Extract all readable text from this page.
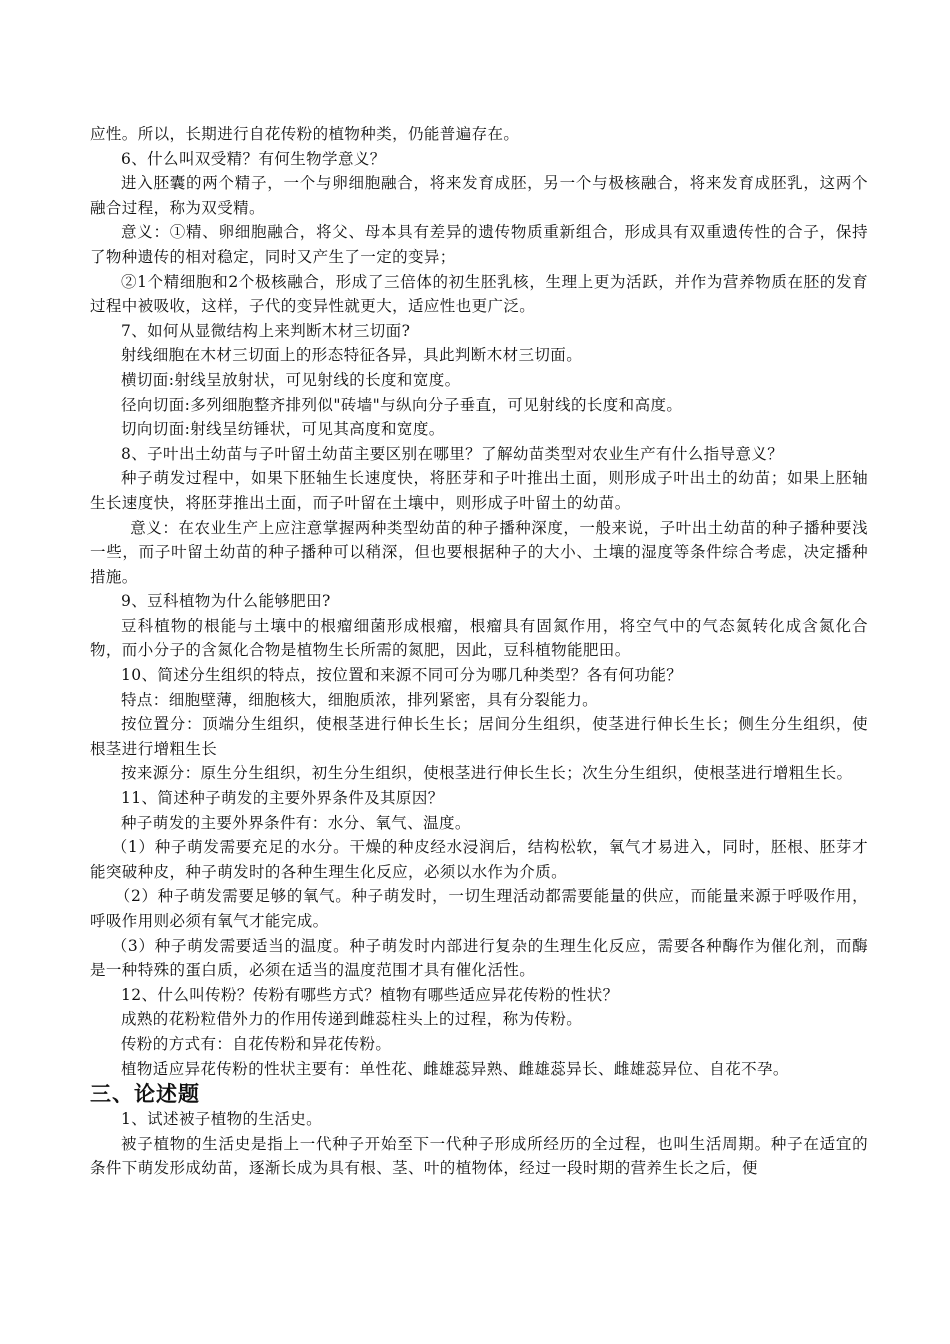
应性。所以，长期进行自花传粉的植物种类，仍能普遍存在。

6、什么叫双受精？有何生物学意义？

进入胚囊的两个精子，一个与卵细胞融合，将来发育成胚，另一个与极核融合，将来发育成胚乳，这两个融合过程，称为双受精。

意义：①精、卵细胞融合，将父、母本具有差异的遗传物质重新组合，形成具有双重遗传性的合子，保持了物种遗传的相对稳定，同时又产生了一定的变异；

②1个精细胞和2个极核融合，形成了三倍体的初生胚乳核，生理上更为活跃，并作为营养物质在胚的发育过程中被吸收，这样，子代的变异性就更大，适应性也更广泛。

7、如何从显微结构上来判断木材三切面?

射线细胞在木材三切面上的形态特征各异，具此判断木材三切面。

横切面:射线呈放射状，可见射线的长度和宽度。

径向切面:多列细胞整齐排列似"砖墙"与纵向分子垂直，可见射线的长度和高度。

切向切面:射线呈纺锤状，可见其高度和宽度。

8、子叶出土幼苗与子叶留土幼苗主要区别在哪里？了解幼苗类型对农业生产有什么指导意义？

种子萌发过程中，如果下胚轴生长速度快，将胚芽和子叶推出土面，则形成子叶出土的幼苗；如果上胚轴生长速度快，将胚芽推出土面，而子叶留在土壤中，则形成子叶留土的幼苗。

意义：在农业生产上应注意掌握两种类型幼苗的种子播种深度，一般来说，子叶出土幼苗的种子播种要浅一些，而子叶留土幼苗的种子播种可以稍深，但也要根据种子的大小、土壤的湿度等条件综合考虑，决定播种措施。

9、豆科植物为什么能够肥田?

豆科植物的根能与土壤中的根瘤细菌形成根瘤，根瘤具有固氮作用，将空气中的气态氮转化成含氮化合物，而小分子的含氮化合物是植物生长所需的氮肥，因此，豆科植物能肥田。

10、简述分生组织的特点，按位置和来源不同可分为哪几种类型？各有何功能？

特点：细胞壁薄，细胞核大，细胞质浓，排列紧密，具有分裂能力。

按位置分：顶端分生组织，使根茎进行伸长生长；居间分生组织，使茎进行伸长生长；侧生分生组织，使根茎进行增粗生长

按来源分：原生分生组织，初生分生组织，使根茎进行伸长生长；次生分生组织，使根茎进行增粗生长。

11、简述种子萌发的主要外界条件及其原因？

种子萌发的主要外界条件有：水分、氧气、温度。

（1）种子萌发需要充足的水分。干燥的种皮经水浸润后，结构松软，氧气才易进入，同时，胚根、胚芽才能突破种皮，种子萌发时的各种生理生化反应，必须以水作为介质。

（2）种子萌发需要足够的氧气。种子萌发时，一切生理活动都需要能量的供应，而能量来源于呼吸作用，呼吸作用则必须有氧气才能完成。

（3）种子萌发需要适当的温度。种子萌发时内部进行复杂的生理生化反应，需要各种酶作为催化剂，而酶是一种特殊的蛋白质，必须在适当的温度范围才具有催化活性。

12、什么叫传粉？传粉有哪些方式？植物有哪些适应异花传粉的性状？

成熟的花粉粒借外力的作用传递到雌蕊柱头上的过程，称为传粉。

传粉的方式有：自花传粉和异花传粉。

植物适应异花传粉的性状主要有：单性花、雌雄蕊异熟、雌雄蕊异长、雌雄蕊异位、自花不孕。

三、论述题

1、试述被子植物的生活史。

被子植物的生活史是指上一代种子开始至下一代种子形成所经历的全过程，也叫生活周期。种子在适宜的条件下萌发形成幼苗，逐渐长成为具有根、茎、叶的植物体，经过一段时期的营养生长之后，便
